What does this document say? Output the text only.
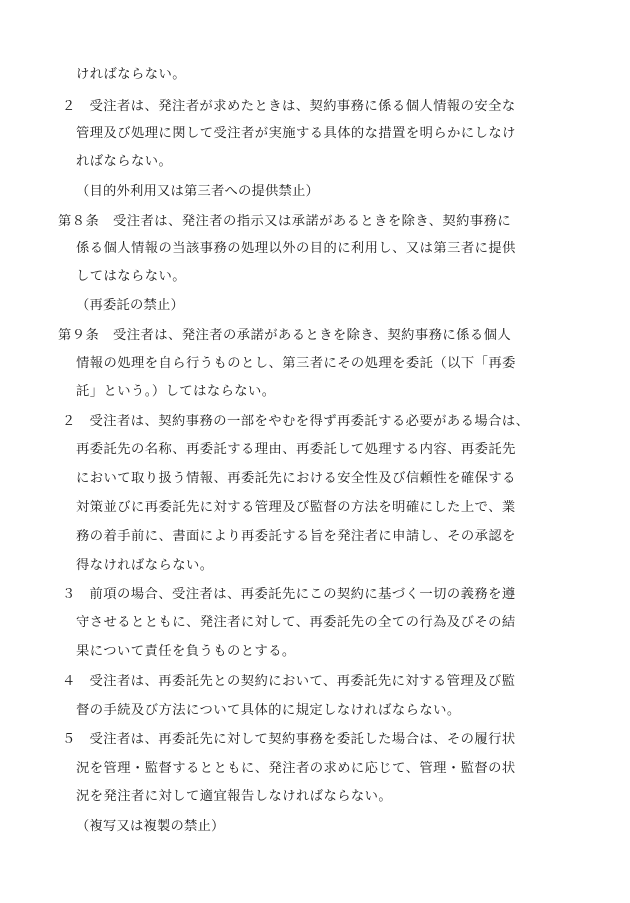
ければならない。
２　受注者は、発注者が求めたときは、契約事務に係る個人情報の安全な
管理及び処理に関して受注者が実施する具体的な措置を明らかにしなけ
ればならない。
（目的外利用又は第三者への提供禁止）
第８条　受注者は、発注者の指示又は承諾があるときを除き、契約事務に
係る個人情報の当該事務の処理以外の目的に利用し、又は第三者に提供
してはならない。
（再委託の禁止）
第９条　受注者は、発注者の承諾があるときを除き、契約事務に係る個人
情報の処理を自ら行うものとし、第三者にその処理を委託（以下「再委
託」という。）してはならない。
２　受注者は、契約事務の一部をやむを得ず再委託する必要がある場合は、
再委託先の名称、再委託する理由、再委託して処理する内容、再委託先
において取り扱う情報、再委託先における安全性及び信頼性を確保する
対策並びに再委託先に対する管理及び監督の方法を明確にした上で、業
務の着手前に、書面により再委託する旨を発注者に申請し、その承認を
得なければならない。
３　前項の場合、受注者は、再委託先にこの契約に基づく一切の義務を遵
守させるとともに、発注者に対して、再委託先の全ての行為及びその結
果について責任を負うものとする。
４　受注者は、再委託先との契約において、再委託先に対する管理及び監
督の手続及び方法について具体的に規定しなければならない。
５　受注者は、再委託先に対して契約事務を委託した場合は、その履行状
況を管理・監督するとともに、発注者の求めに応じて、管理・監督の状
況を発注者に対して適宜報告しなければならない。
（複写又は複製の禁止）
